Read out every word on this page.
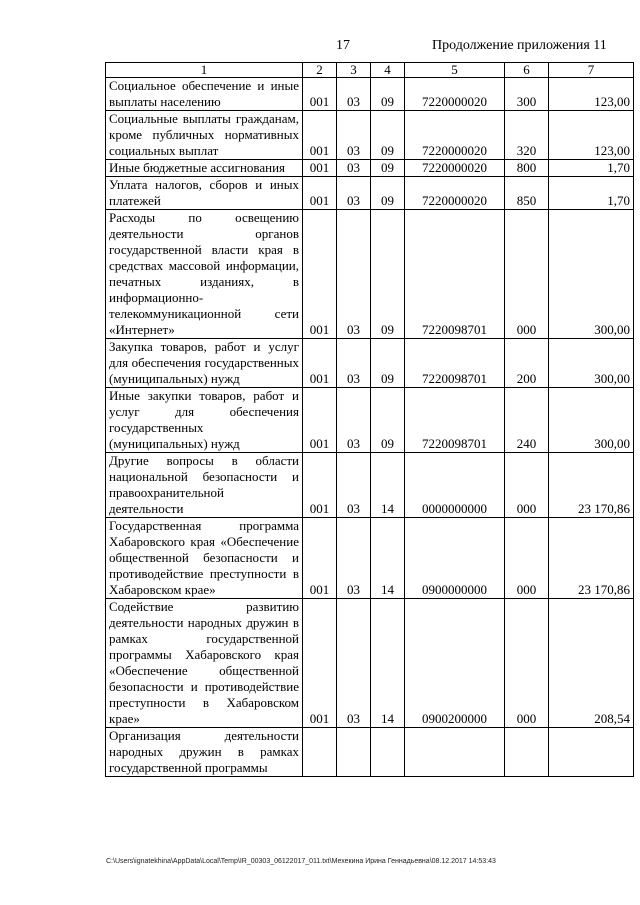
17	Продолжение приложения 11
1	2	3	4	5	6	7
Социальное обеспечение и иные выплаты населению	001	03	09	7220000020	300	123,00
Социальные выплаты гражданам, кроме публичных нормативных социальных выплат	001	03	09	7220000020	320	123,00
Иные бюджетные ассигнования	001	03	09	7220000020	800	1,70
Уплата налогов, сборов и иных платежей	001	03	09	7220000020	850	1,70
Расходы по освещению деятельности органов государственной власти края в средствах массовой информации, печатных изданиях, в информационно-телекоммуникационной сети «Интернет»	001	03	09	7220098701	000	300,00
Закупка товаров, работ и услуг для обеспечения государственных (муниципальных) нужд	001	03	09	7220098701	200	300,00
Иные закупки товаров, работ и услуг для обеспечения государственных (муниципальных) нужд	001	03	09	7220098701	240	300,00
Другие вопросы в области национальной безопасности и правоохранительной деятельности	001	03	14	0000000000	000	23 170,86
Государственная программа Хабаровского края «Обеспечение общественной безопасности и противодействие преступности в Хабаровском крае»	001	03	14	0900000000	000	23 170,86
Содействие развитию деятельности народных дружин в рамках государственной программы Хабаровского края «Обеспечение общественной безопасности и противодействие преступности в Хабаровском крае»	001	03	14	0900200000	000	208,54
Организация деятельности народных дружин в рамках государственной программы						
C:\Users\ignatekhina\AppData\Local\Temp\IR_00303_06122017_011.txt\Мехекина Ирина Геннадьевна\08.12.2017 14:53:43
